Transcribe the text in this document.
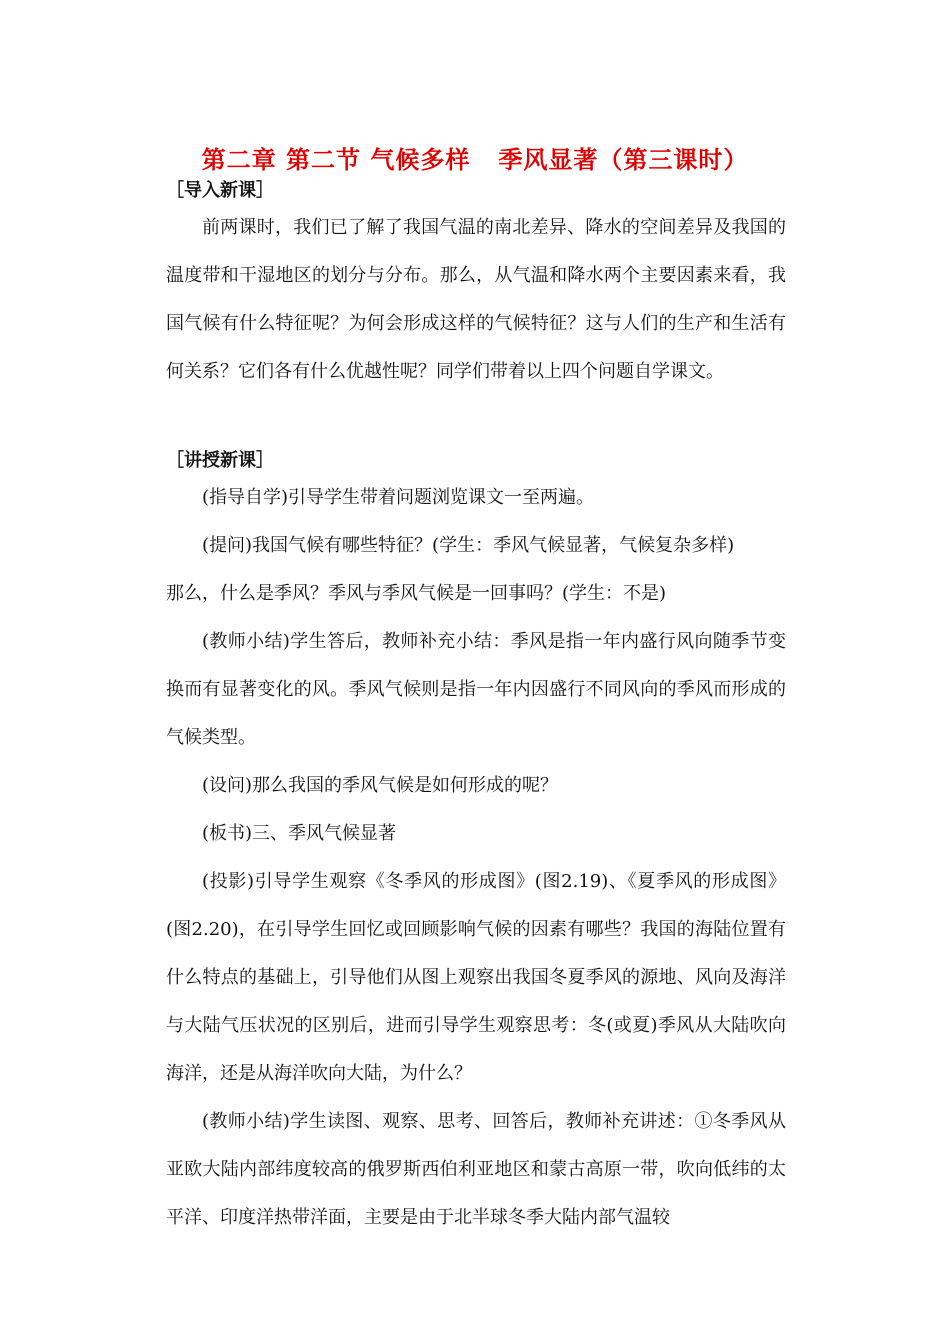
第二章 第二节 气候多样 季风显著（第三课时）
［导入新课］
前两课时，我们已了解了我国气温的南北差异、降水的空间差异及我国的温度带和干湿地区的划分与分布。那么，从气温和降水两个主要因素来看，我国气候有什么特征呢？为何会形成这样的气候特征？这与人们的生产和生活有何关系？它们各有什么优越性呢？同学们带着以上四个问题自学课文。
［讲授新课］
(指导自学)引导学生带着问题浏览课文一至两遍。
(提问)我国气候有哪些特征？(学生：季风气候显著，气候复杂多样)
那么，什么是季风？季风与季风气候是一回事吗？(学生：不是)
(教师小结)学生答后，教师补充小结：季风是指一年内盛行风向随季节变换而有显著变化的风。季风气候则是指一年内因盛行不同风向的季风而形成的气候类型。
(设问)那么我国的季风气候是如何形成的呢？
(板书)三、季风气候显著
(投影)引导学生观察《冬季风的形成图》(图2.19)、《夏季风的形成图》(图2.20)，在引导学生回忆或回顾影响气候的因素有哪些？我国的海陆位置有什么特点的基础上，引导他们从图上观察出我国冬夏季风的源地、风向及海洋与大陆气压状况的区别后，进而引导学生观察思考：冬(或夏)季风从大陆吹向海洋，还是从海洋吹向大陆，为什么？
(教师小结)学生读图、观察、思考、回答后，教师补充讲述：①冬季风从亚欧大陆内部纬度较高的俄罗斯西伯利亚地区和蒙古高原一带，吹向低纬的太平洋、印度洋热带洋面，主要是由于北半球冬季大陆内部气温较
